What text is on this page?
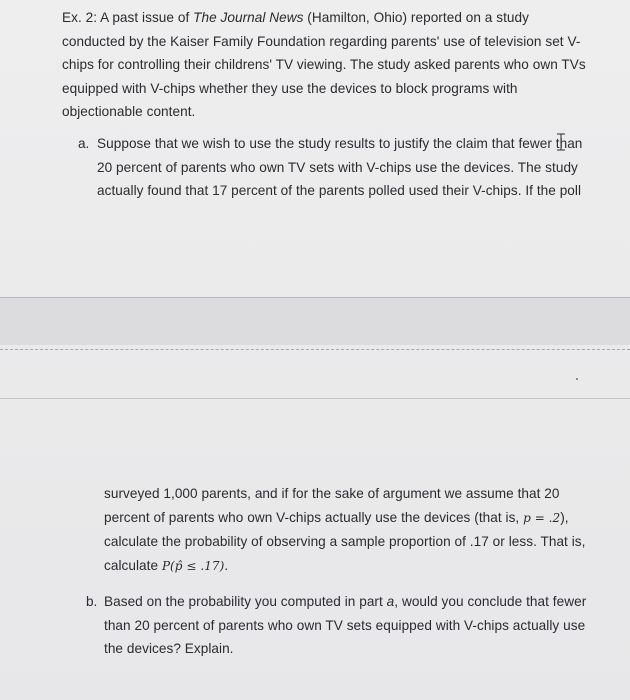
Ex. 2: A past issue of The Journal News (Hamilton, Ohio) reported on a study
conducted by the Kaiser Family Foundation regarding parents' use of television set V-
chips for controlling their childrens' TV viewing. The study asked parents who own TVs
equipped with V-chips whether they use the devices to block programs with
objectionable content.
a. Suppose that we wish to use the study results to justify the claim that fewer than
20 percent of parents who own TV sets with V-chips use the devices. The study
actually found that 17 percent of the parents polled used their V-chips. If the poll
surveyed 1,000 parents, and if for the sake of argument we assume that 20
percent of parents who own V-chips actually use the devices (that is, p = .2),
calculate the probability of observing a sample proportion of .17 or less. That is,
calculate P(p̂ ≤ .17).
b. Based on the probability you computed in part a, would you conclude that fewer
than 20 percent of parents who own TV sets equipped with V-chips actually use
the devices? Explain.
